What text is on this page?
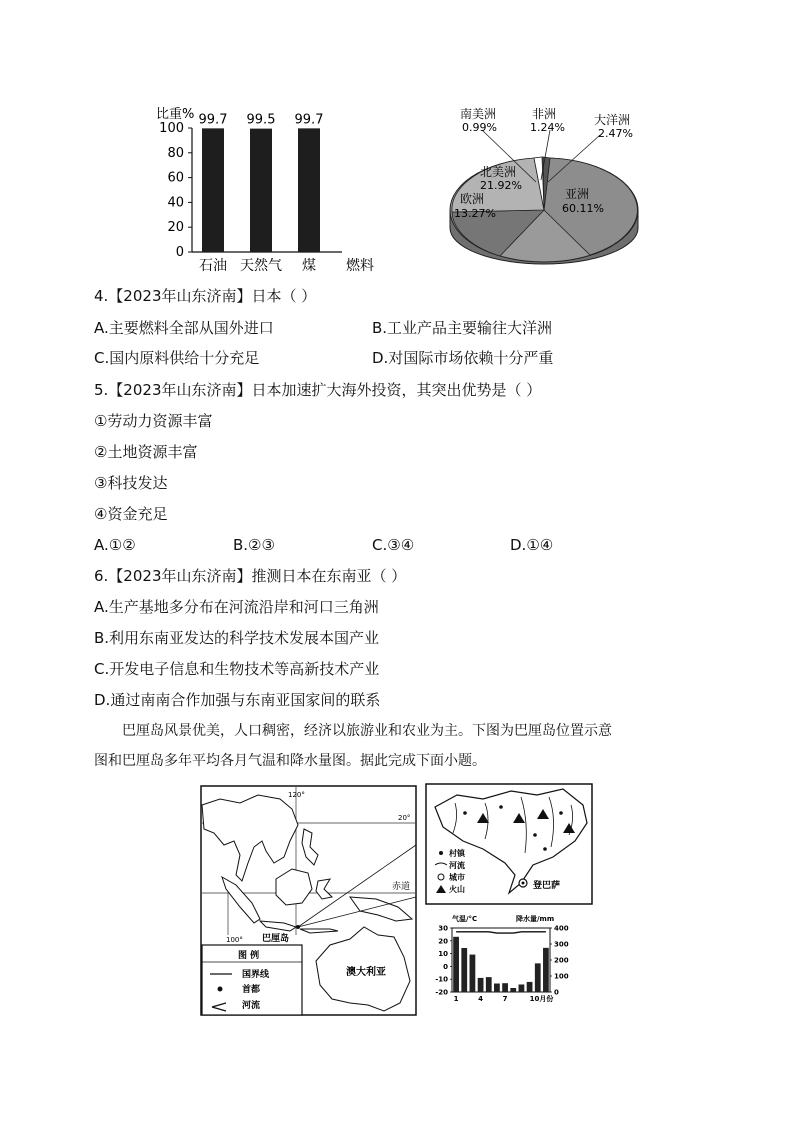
比重%
0
20
40
60
80
100
99.7
石油
99.5
天然气
99.7
煤 燃料
南美洲
0.99%
非洲
1.24%
大洋洲
2.47%
北美洲
21.92%
欧洲
13.27%
亚洲
60.11%
4.【2023年山东济南】日本（ ）
A.主要燃料全部从国外进口	B.工业产品主要输往大洋洲
C.国内原料供给十分充足	D.对国际市场依赖十分严重
5.【2023年山东济南】日本加速扩大海外投资，其突出优势是（ ）
①劳动力资源丰富
②土地资源丰富
③科技发达
④资金充足
A.①②	B.②③	C.③④	D.①④
6.【2023年山东济南】推测日本在东南亚（ ）
A.生产基地多分布在河流沿岸和河口三角洲
B.利用东南亚发达的科学技术发展本国产业
C.开发电子信息和生物技术等高新技术产业
D.通过南南合作加强与东南亚国家间的联系

巴厘岛风景优美，人口稠密，经济以旅游业和农业为主。下图为巴厘岛位置示意

图和巴厘岛多年平均各月气温和降水量图。据此完成下面小题。

120°
20°
赤道
100°
澳大利亚
巴厘岛
图 例
国界线
首都
河流
登巴萨
村镇
河流
城市
火山
气温/°C	降水量/mm
30
20
10
0
-10
-20
400
300
200
100
0
1	4	7	10月份
